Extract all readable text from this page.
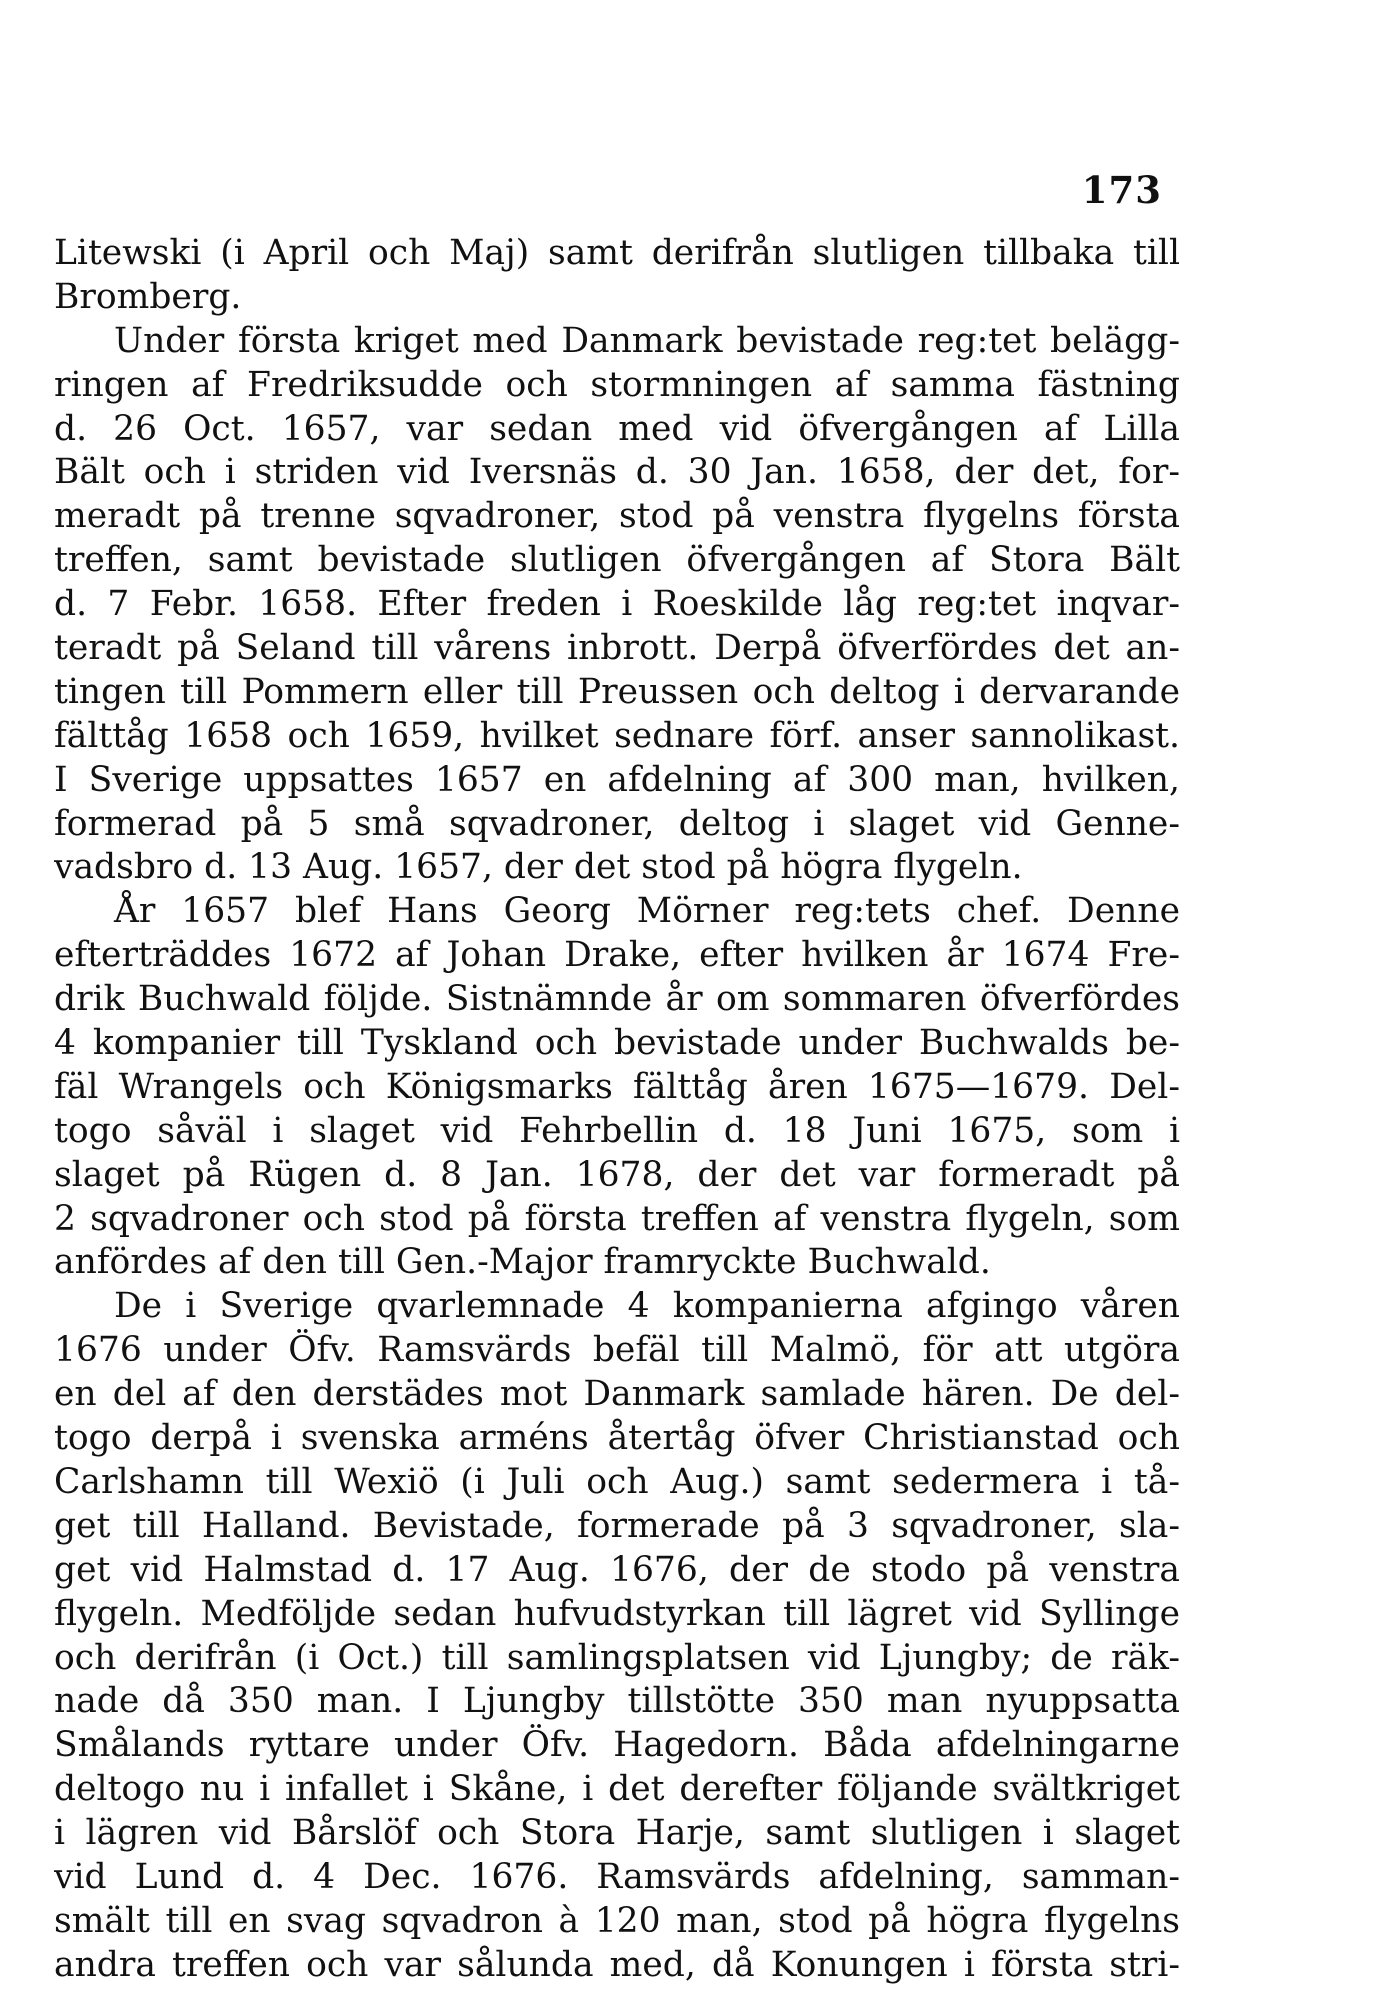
173
Litewski (i April och Maj) samt derifrån slutligen tillbaka till
Bromberg.
Under första kriget med Danmark bevistade reg:tet belägg-
ringen af Fredriksudde och stormningen af samma fästning
d. 26 Oct. 1657, var sedan med vid öfvergången af Lilla
Bält och i striden vid Iversnäs d. 30 Jan. 1658, der det, for-
meradt på trenne sqvadroner, stod på venstra flygelns första
treffen, samt bevistade slutligen öfvergången af Stora Bält
d. 7 Febr. 1658. Efter freden i Roeskilde låg reg:tet inqvar-
teradt på Seland till vårens inbrott. Derpå öfverfördes det an-
tingen till Pommern eller till Preussen och deltog i dervarande
fälttåg 1658 och 1659, hvilket sednare förf. anser sannolikast.
I Sverige uppsattes 1657 en afdelning af 300 man, hvilken,
formerad på 5 små sqvadroner, deltog i slaget vid Genne-
vadsbro d. 13 Aug. 1657, der det stod på högra flygeln.
År 1657 blef Hans Georg Mörner reg:tets chef. Denne
efterträddes 1672 af Johan Drake, efter hvilken år 1674 Fre-
drik Buchwald följde. Sistnämnde år om sommaren öfverfördes
4 kompanier till Tyskland och bevistade under Buchwalds be-
fäl Wrangels och Königsmarks fälttåg åren 1675—1679. Del-
togo såväl i slaget vid Fehrbellin d. 18 Juni 1675, som i
slaget på Rügen d. 8 Jan. 1678, der det var formeradt på
2 sqvadroner och stod på första treffen af venstra flygeln, som
anfördes af den till Gen.-Major framryckte Buchwald.
De i Sverige qvarlemnade 4 kompanierna afgingo våren
1676 under Öfv. Ramsvärds befäl till Malmö, för att utgöra
en del af den derstädes mot Danmark samlade hären. De del-
togo derpå i svenska arméns återtåg öfver Christianstad och
Carlshamn till Wexiö (i Juli och Aug.) samt sedermera i tå-
get till Halland. Bevistade, formerade på 3 sqvadroner, sla-
get vid Halmstad d. 17 Aug. 1676, der de stodo på venstra
flygeln. Medföljde sedan hufvudstyrkan till lägret vid Syllinge
och derifrån (i Oct.) till samlingsplatsen vid Ljungby; de räk-
nade då 350 man. I Ljungby tillstötte 350 man nyuppsatta
Smålands ryttare under Öfv. Hagedorn. Båda afdelningarne
deltogo nu i infallet i Skåne, i det derefter följande svältkriget
i lägren vid Bårslöf och Stora Harje, samt slutligen i slaget
vid Lund d. 4 Dec. 1676. Ramsvärds afdelning, samman-
smält till en svag sqvadron à 120 man, stod på högra flygelns
andra treffen och var sålunda med, då Konungen i första stri-
